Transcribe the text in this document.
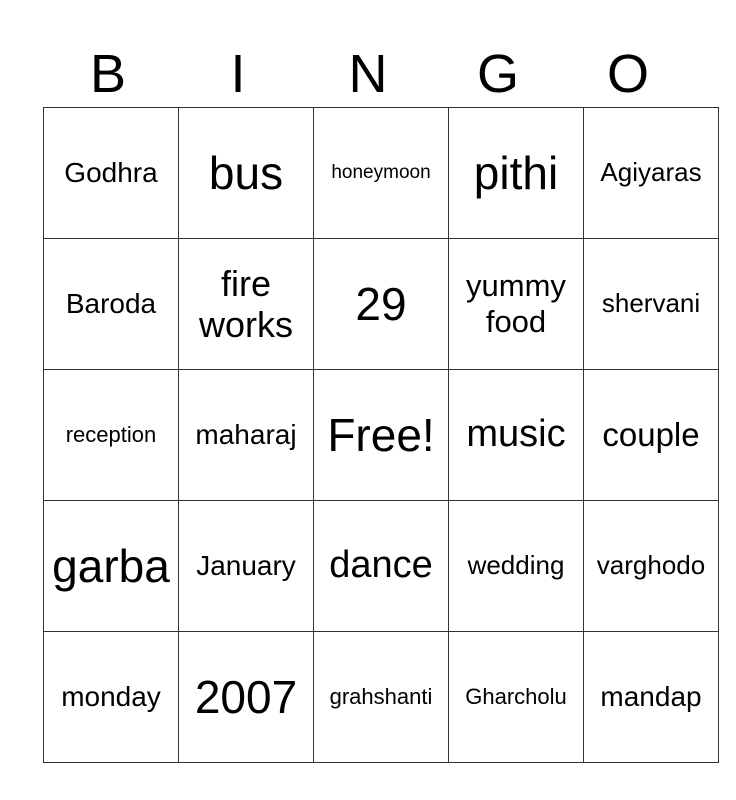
B	I	N	G	O
Godhra	bus	honeymoon	pithi	Agiyaras
Baroda	fire works	29	yummy food	shervani
reception	maharaj	Free!	music	couple
garba	January	dance	wedding	varghodo
monday	2007	grahshanti	Gharcholu	mandap
